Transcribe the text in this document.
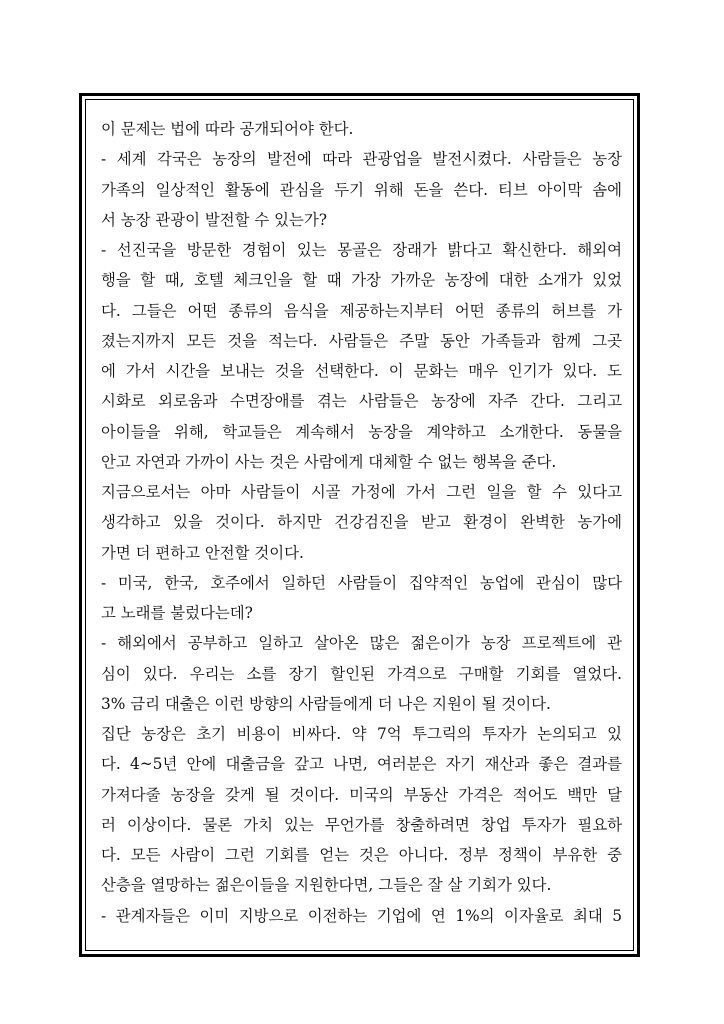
이 문제는 법에 따라 공개되어야 한다.
- 세계 각국은 농장의 발전에 따라 관광업을 발전시켰다. 사람들은 농장
가족의 일상적인 활동에 관심을 두기 위해 돈을 쓴다. 티브 아이막 솜에
서 농장 관광이 발전할 수 있는가?
- 선진국을 방문한 경험이 있는 몽골은 장래가 밝다고 확신한다. 해외여
행을 할 때, 호텔 체크인을 할 때 가장 가까운 농장에 대한 소개가 있었
다. 그들은 어떤 종류의 음식을 제공하는지부터 어떤 종류의 허브를 가
졌는지까지 모든 것을 적는다. 사람들은 주말 동안 가족들과 함께 그곳
에 가서 시간을 보내는 것을 선택한다. 이 문화는 매우 인기가 있다. 도
시화로 외로움과 수면장애를 겪는 사람들은 농장에 자주 간다. 그리고
아이들을 위해, 학교들은 계속해서 농장을 계약하고 소개한다. 동물을
안고 자연과 가까이 사는 것은 사람에게 대체할 수 없는 행복을 준다.
지금으로서는 아마 사람들이 시골 가정에 가서 그런 일을 할 수 있다고
생각하고 있을 것이다. 하지만 건강검진을 받고 환경이 완벽한 농가에
가면 더 편하고 안전할 것이다.
- 미국, 한국, 호주에서 일하던 사람들이 집약적인 농업에 관심이 많다
고 노래를 불렀다는데?
- 해외에서 공부하고 일하고 살아온 많은 젊은이가 농장 프로젝트에 관
심이 있다. 우리는 소를 장기 할인된 가격으로 구매할 기회를 열었다.
3% 금리 대출은 이런 방향의 사람들에게 더 나은 지원이 될 것이다.
집단 농장은 초기 비용이 비싸다. 약 7억 투그릭의 투자가 논의되고 있
다. 4~5년 안에 대출금을 갚고 나면, 여러분은 자기 재산과 좋은 결과를
가져다줄 농장을 갖게 될 것이다. 미국의 부동산 가격은 적어도 백만 달
러 이상이다. 물론 가치 있는 무언가를 창출하려면 창업 투자가 필요하
다. 모든 사람이 그런 기회를 얻는 것은 아니다. 정부 정책이 부유한 중
산층을 열망하는 젊은이들을 지원한다면, 그들은 잘 살 기회가 있다.
- 관계자들은 이미 지방으로 이전하는 기업에 연 1%의 이자율로 최대 5
